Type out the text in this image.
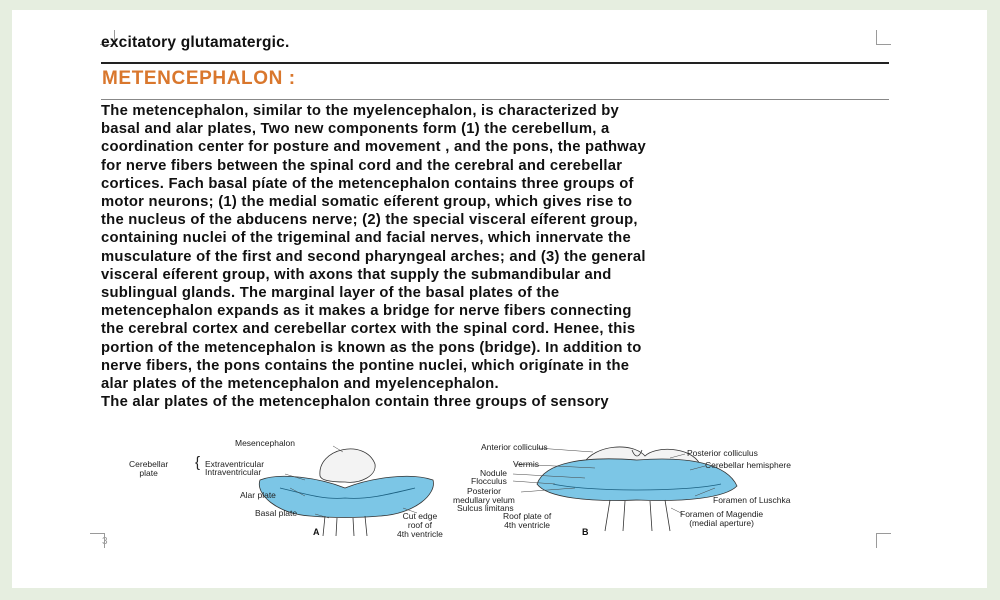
3
excitatory glutamatergic.
METENCEPHALON :
The metencephalon, similar to the myelencephalon, is characterized by
basal and alar plates, Two new components form (1) the cerebellum, a
coordination center for posture and movement , and the pons, the pathway
for nerve fibers between the spinal cord and the cerebral and cerebellar
cortices. Fach basal píate of the metencephalon contains three groups of
motor neurons; (1) the medial somatic eíferent group, which gives rise to
the nucleus of the abducens nerve; (2) the special visceral eíferent group,
containing nuclei of the trigeminal and facial nerves, which innervate the
musculature of the first and second pharyngeal arches; and (3) the general
visceral eíferent group, with axons that supply the submandibular and
sublingual glands. The marginal layer of the basal plates of the
metencephalon expands as it makes a bridge for nerve fibers connecting
the cerebral cortex and cerebellar cortex with the spinal cord. Henee, this
portion of the metencephalon is known as the pons (bridge). In addition to
nerve fibers, the pons contains the pontine nuclei, which origínate in the
alar plates of the metencephalon and myelencephalon.
The alar plates of the metencephalon contain three groups of sensory
Mesencephalon
Cerebellar
plate
{ Extraventricular
Intraventricular
Alar plate
Basal plate	Cut edge
roof of
4th ventricle
A
Anterior colliculus
Posterior colliculus
Vermis
Nodule
Flocculus
Cerebellar hemisphere
Posterior
medullary velum
Sulcus limitans
Roof plate of
4th ventricle
Foramen of Luschka
Foramen of Magendie
(medial aperture)
B
